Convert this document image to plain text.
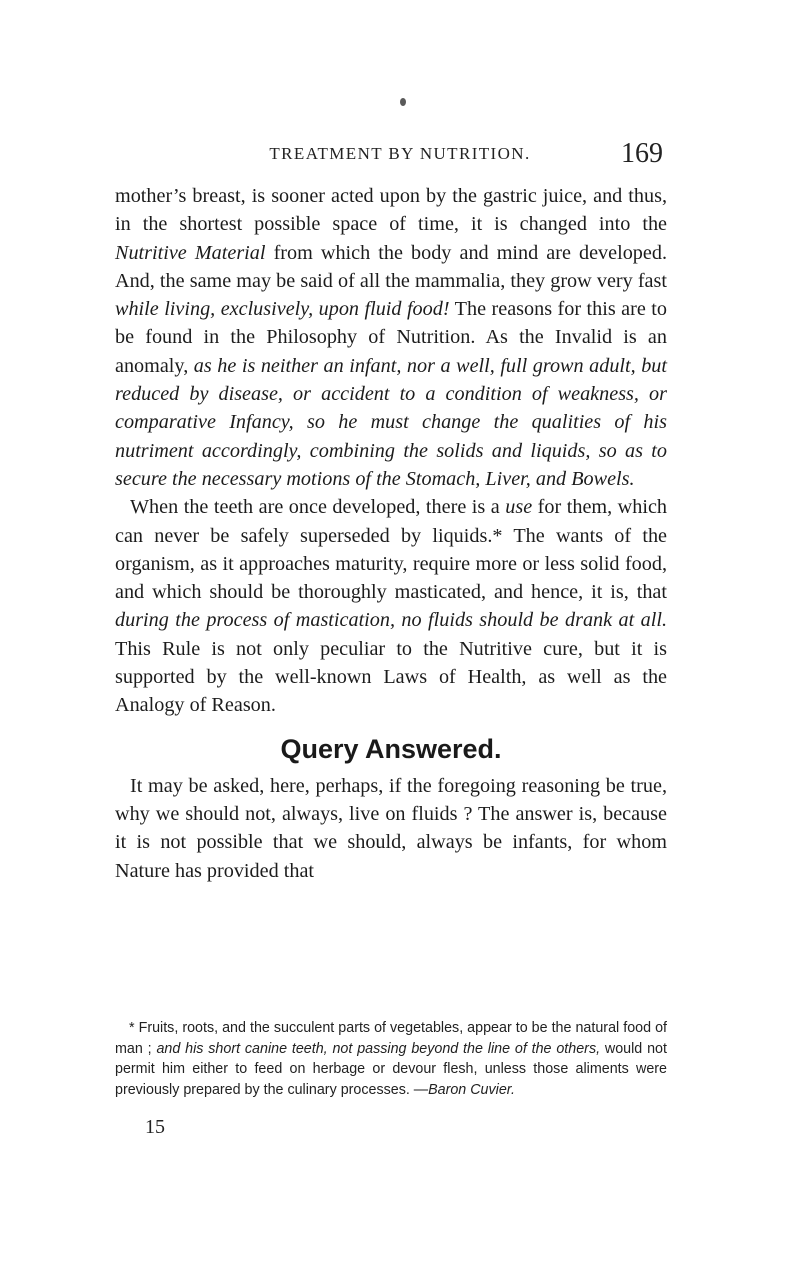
TREATMENT BY NUTRITION.	169

mother’s breast, is sooner acted upon by the gastric juice, and thus, in the shortest possible space of time, it is changed into the Nutritive Material from which the body and mind are developed. And, the same may be said of all the mammalia, they grow very fast while living, exclusively, upon fluid food! The reasons for this are to be found in the Philosophy of Nutrition. As the Invalid is an anomaly, as he is neither an infant, nor a well, full grown adult, but reduced by disease, or accident to a condition of weakness, or comparative Infancy, so he must change the qualities of his nutriment accordingly, combining the solids and liquids, so as to secure the necessary motions of the Stomach, Liver, and Bowels.

When the teeth are once developed, there is a use for them, which can never be safely superseded by liquids.* The wants of the organism, as it approaches maturity, require more or less solid food, and which should be thoroughly masticated, and hence, it is, that during the process of mastication, no fluids should be drank at all. This Rule is not only peculiar to the Nutritive cure, but it is supported by the well-known Laws of Health, as well as the Analogy of Reason.

Query Answered.

It may be asked, here, perhaps, if the foregoing reasoning be true, why we should not, always, live on fluids ? The answer is, because it is not possible that we should, always be infants, for whom Nature has provided that

* Fruits, roots, and the succulent parts of vegetables, appear to be the natural food of man ; and his short canine teeth, not passing beyond the line of the others, would not permit him either to feed on herbage or devour flesh, unless those aliments were previously prepared by the culinary processes. —Baron Cuvier.

15
